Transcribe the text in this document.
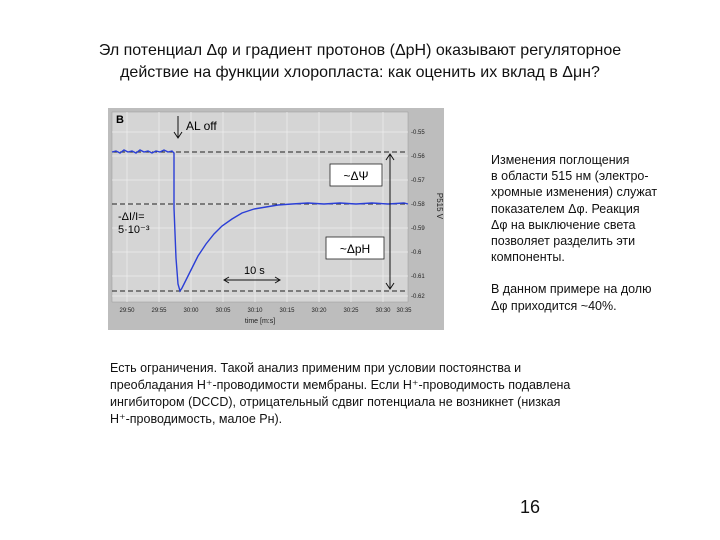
Эл потенциал Δφ и градиент протонов (ΔpH) оказывают регуляторное
действие на функции хлоропласта: как оценить их вклад в Δμн?
B	AL off
-ΔI/I=
5·10⁻³
10 s
~ΔΨ
~ΔpH
-0.55
-0.56
-0.57
-0.58
-0.59
-0.6
-0.61
-0.62
P515 V
29:50	29:55	30:00	30:05	30:10	30:15	30:20	30:25	30:30 30:35
time [m:s]

Изменения поглощения
в области 515 нм (электро-
хромные изменения) служат
показателем Δφ. Реакция
Δφ на выключение света
позволяет разделить эти
компоненты.

В данном примере на долю
Δφ приходится ~40%.

Есть ограничения. Такой анализ применим при условии постоянства и
преобладания H⁺-проводимости мембраны. Если H⁺-проводимость подавлена
ингибитором (DCCD), отрицательный сдвиг потенциала не возникнет (низкая
H⁺-проводимость, малое Pн).
16
